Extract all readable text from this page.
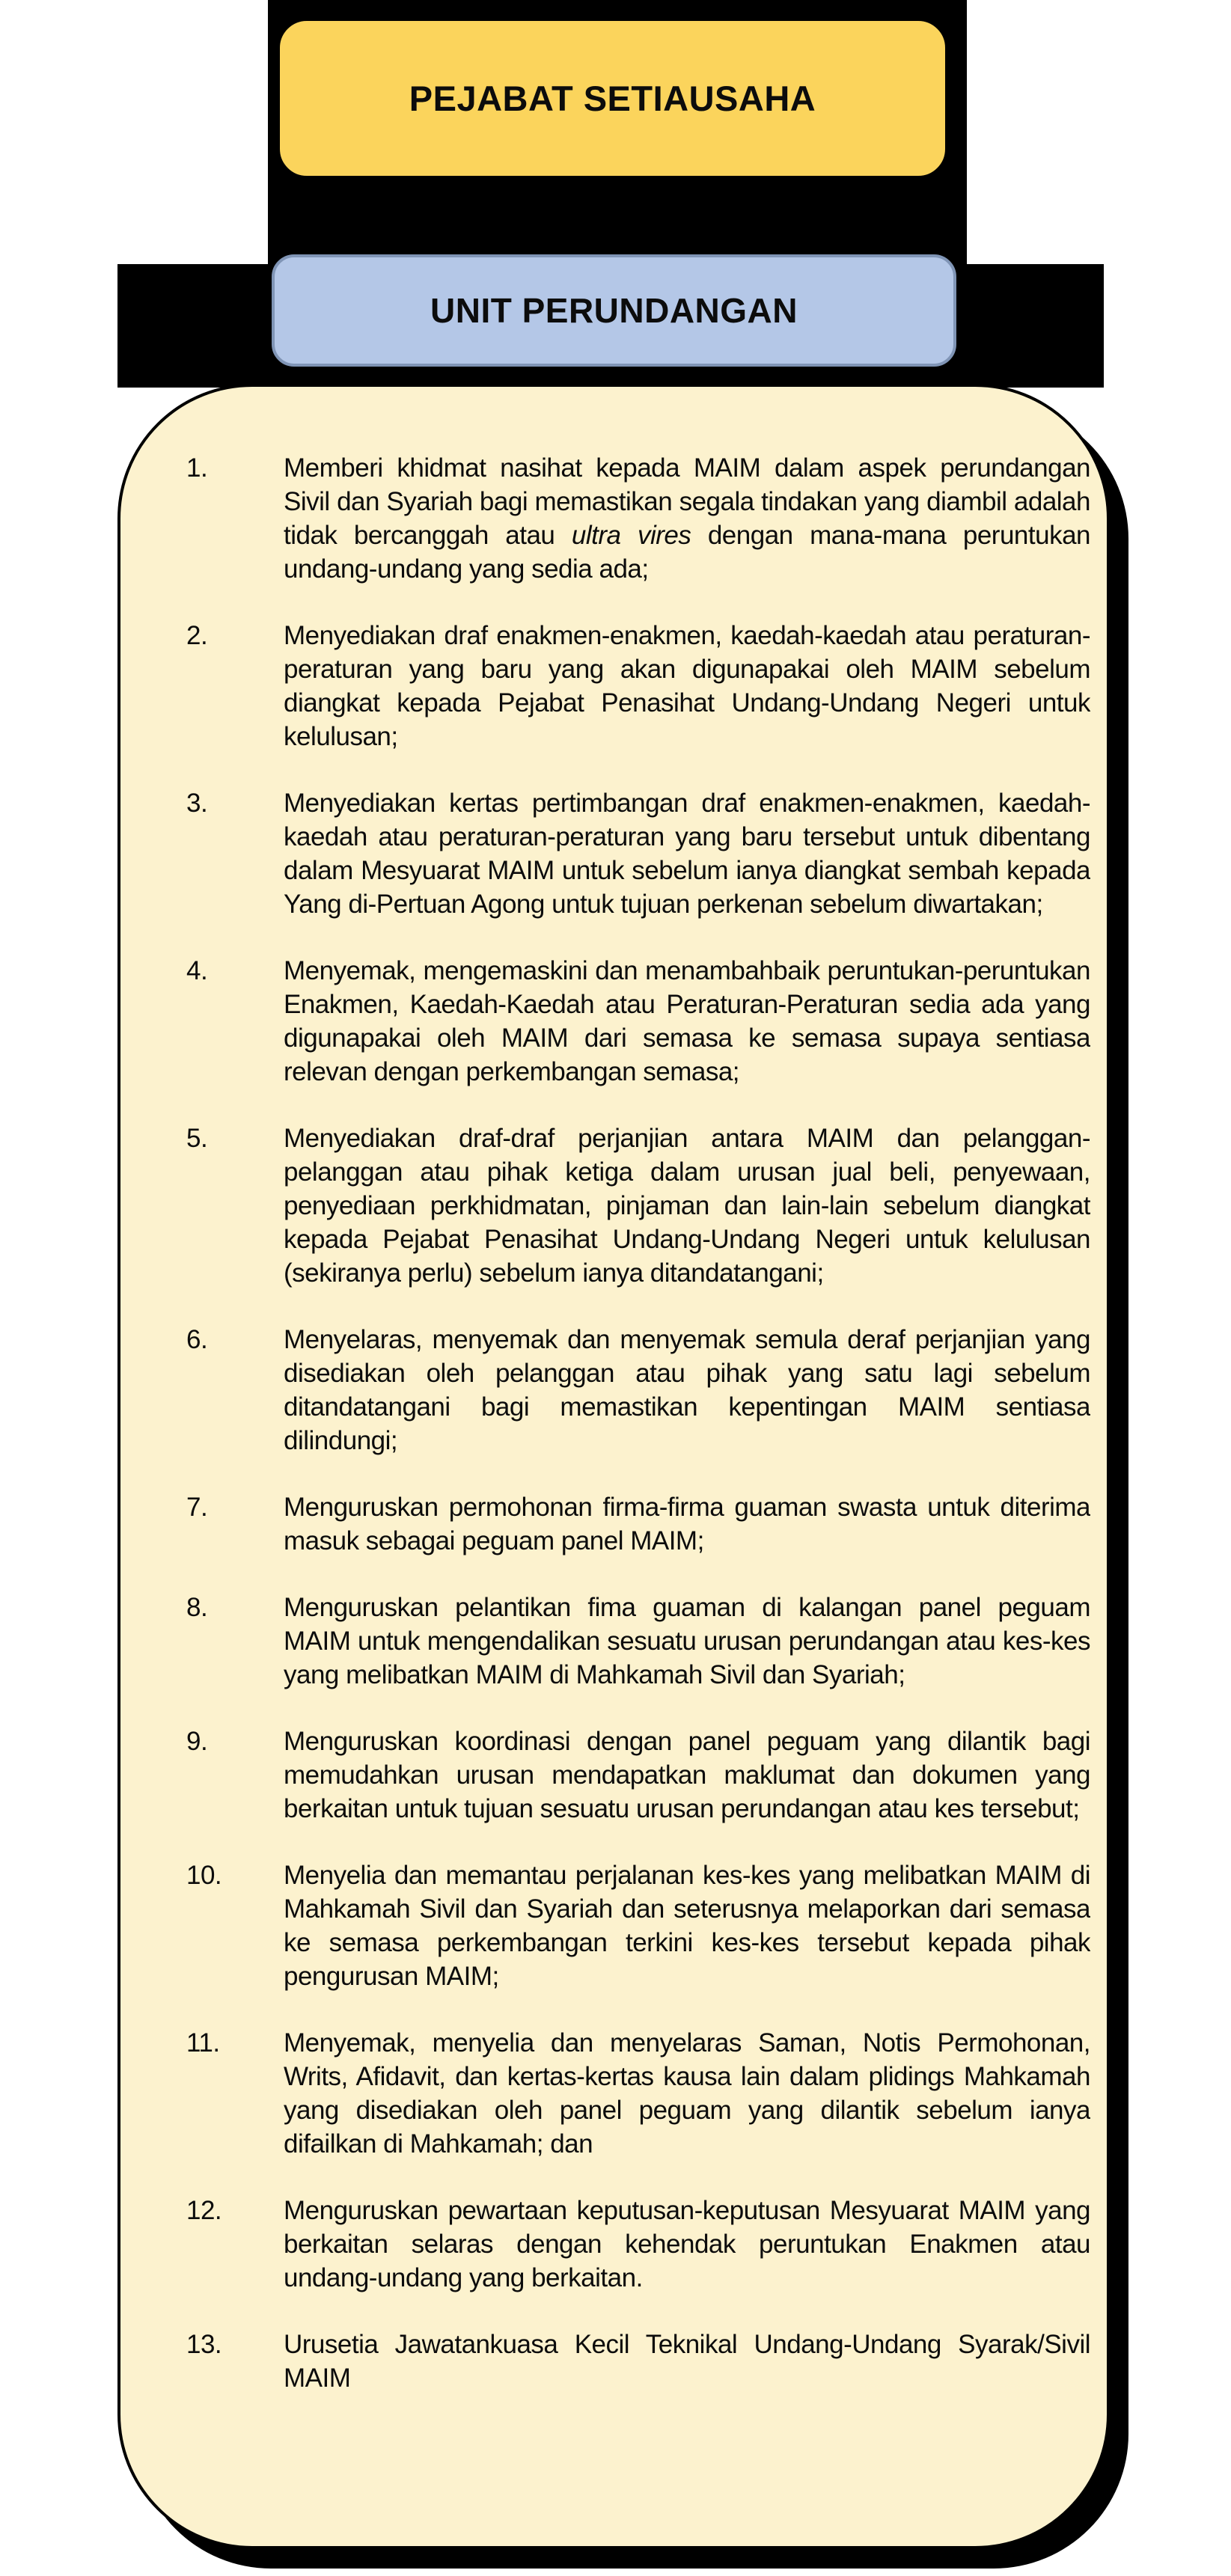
1.	Memberi khidmat nasihat kepada MAIM dalam aspek perundangan Sivil dan Syariah bagi memastikan segala tindakan yang diambil adalah tidak bercanggah atau ultra vires dengan mana-mana peruntukan undang-undang yang sedia ada;
2.	Menyediakan draf enakmen-enakmen, kaedah-kaedah atau peraturan-peraturan yang baru yang akan digunapakai oleh MAIM sebelum diangkat kepada Pejabat Penasihat Undang-Undang Negeri untuk kelulusan;
3.	Menyediakan kertas pertimbangan draf enakmen-enakmen, kaedah-kaedah atau peraturan-peraturan yang baru tersebut untuk dibentang dalam Mesyuarat MAIM untuk sebelum ianya diangkat sembah kepada Yang di-Pertuan Agong untuk tujuan perkenan sebelum diwartakan;
4.	Menyemak, mengemaskini dan menambahbaik peruntukan-peruntukan Enakmen, Kaedah-Kaedah atau Peraturan-Peraturan sedia ada yang digunapakai oleh MAIM dari semasa ke semasa supaya sentiasa relevan dengan perkembangan semasa;
5.	Menyediakan draf-draf perjanjian antara MAIM dan pelanggan-pelanggan atau pihak ketiga dalam urusan jual beli, penyewaan, penyediaan perkhidmatan, pinjaman dan lain-lain sebelum diangkat kepada Pejabat Penasihat Undang-Undang Negeri untuk kelulusan (sekiranya perlu) sebelum ianya ditandatangani;
6.	Menyelaras, menyemak dan menyemak semula deraf perjanjian yang disediakan oleh pelanggan atau pihak yang satu lagi sebelum ditandatangani bagi memastikan kepentingan MAIM sentiasa dilindungi;
7.	Menguruskan permohonan firma-firma guaman swasta untuk diterima masuk sebagai peguam panel MAIM;
8.	Menguruskan pelantikan fima guaman di kalangan panel peguam MAIM untuk mengendalikan sesuatu urusan perundangan atau kes-kes yang melibatkan MAIM di Mahkamah Sivil dan Syariah;
9.	Menguruskan koordinasi dengan panel peguam yang dilantik bagi memudahkan urusan mendapatkan maklumat dan dokumen yang berkaitan untuk tujuan sesuatu urusan perundangan atau kes tersebut;
10. Menyelia dan memantau perjalanan kes-kes yang melibatkan MAIM di Mahkamah Sivil dan Syariah dan seterusnya melaporkan dari semasa ke semasa perkembangan terkini kes-kes tersebut kepada pihak pengurusan MAIM;
11. Menyemak, menyelia dan menyelaras Saman, Notis Permohonan, Writs, Afidavit, dan kertas-kertas kausa lain dalam plidings Mahkamah yang disediakan oleh panel peguam yang dilantik sebelum ianya difailkan di Mahkamah; dan
12. Menguruskan pewartaan keputusan-keputusan Mesyuarat MAIM yang berkaitan selaras dengan kehendak peruntukan Enakmen atau undang-undang yang berkaitan.
13. Urusetia Jawatankuasa Kecil Teknikal Undang-Undang Syarak/Sivil MAIM
PEJABAT SETIAUSAHA
UNIT PERUNDANGAN
